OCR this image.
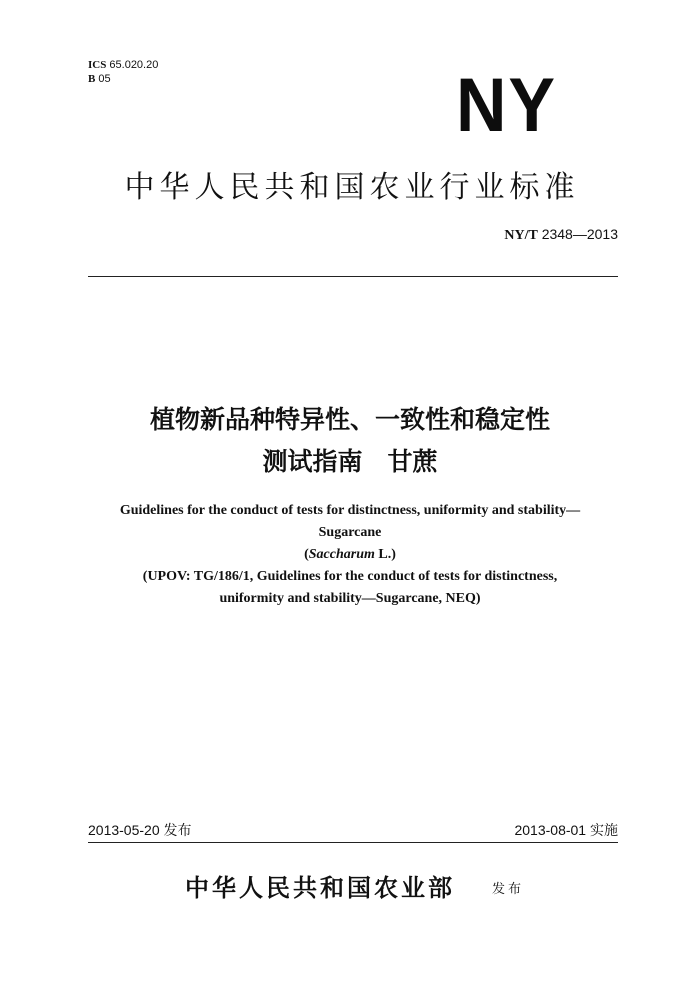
ICS 65.020.20
B 05	NY
中华人民共和国农业行业标准
NY/T 2348—2013
植物新品种特异性、一致性和稳定性
测试指南　甘蔗
Guidelines for the conduct of tests for distinctness, uniformity and stability—
Sugarcane
(Saccharum L.)
(UPOV: TG/186/1, Guidelines for the conduct of tests for distinctness,
uniformity and stability—Sugarcane, NEQ)
2013-05-20 发布	2013-08-01 实施
中华人民共和国农业部	发布
